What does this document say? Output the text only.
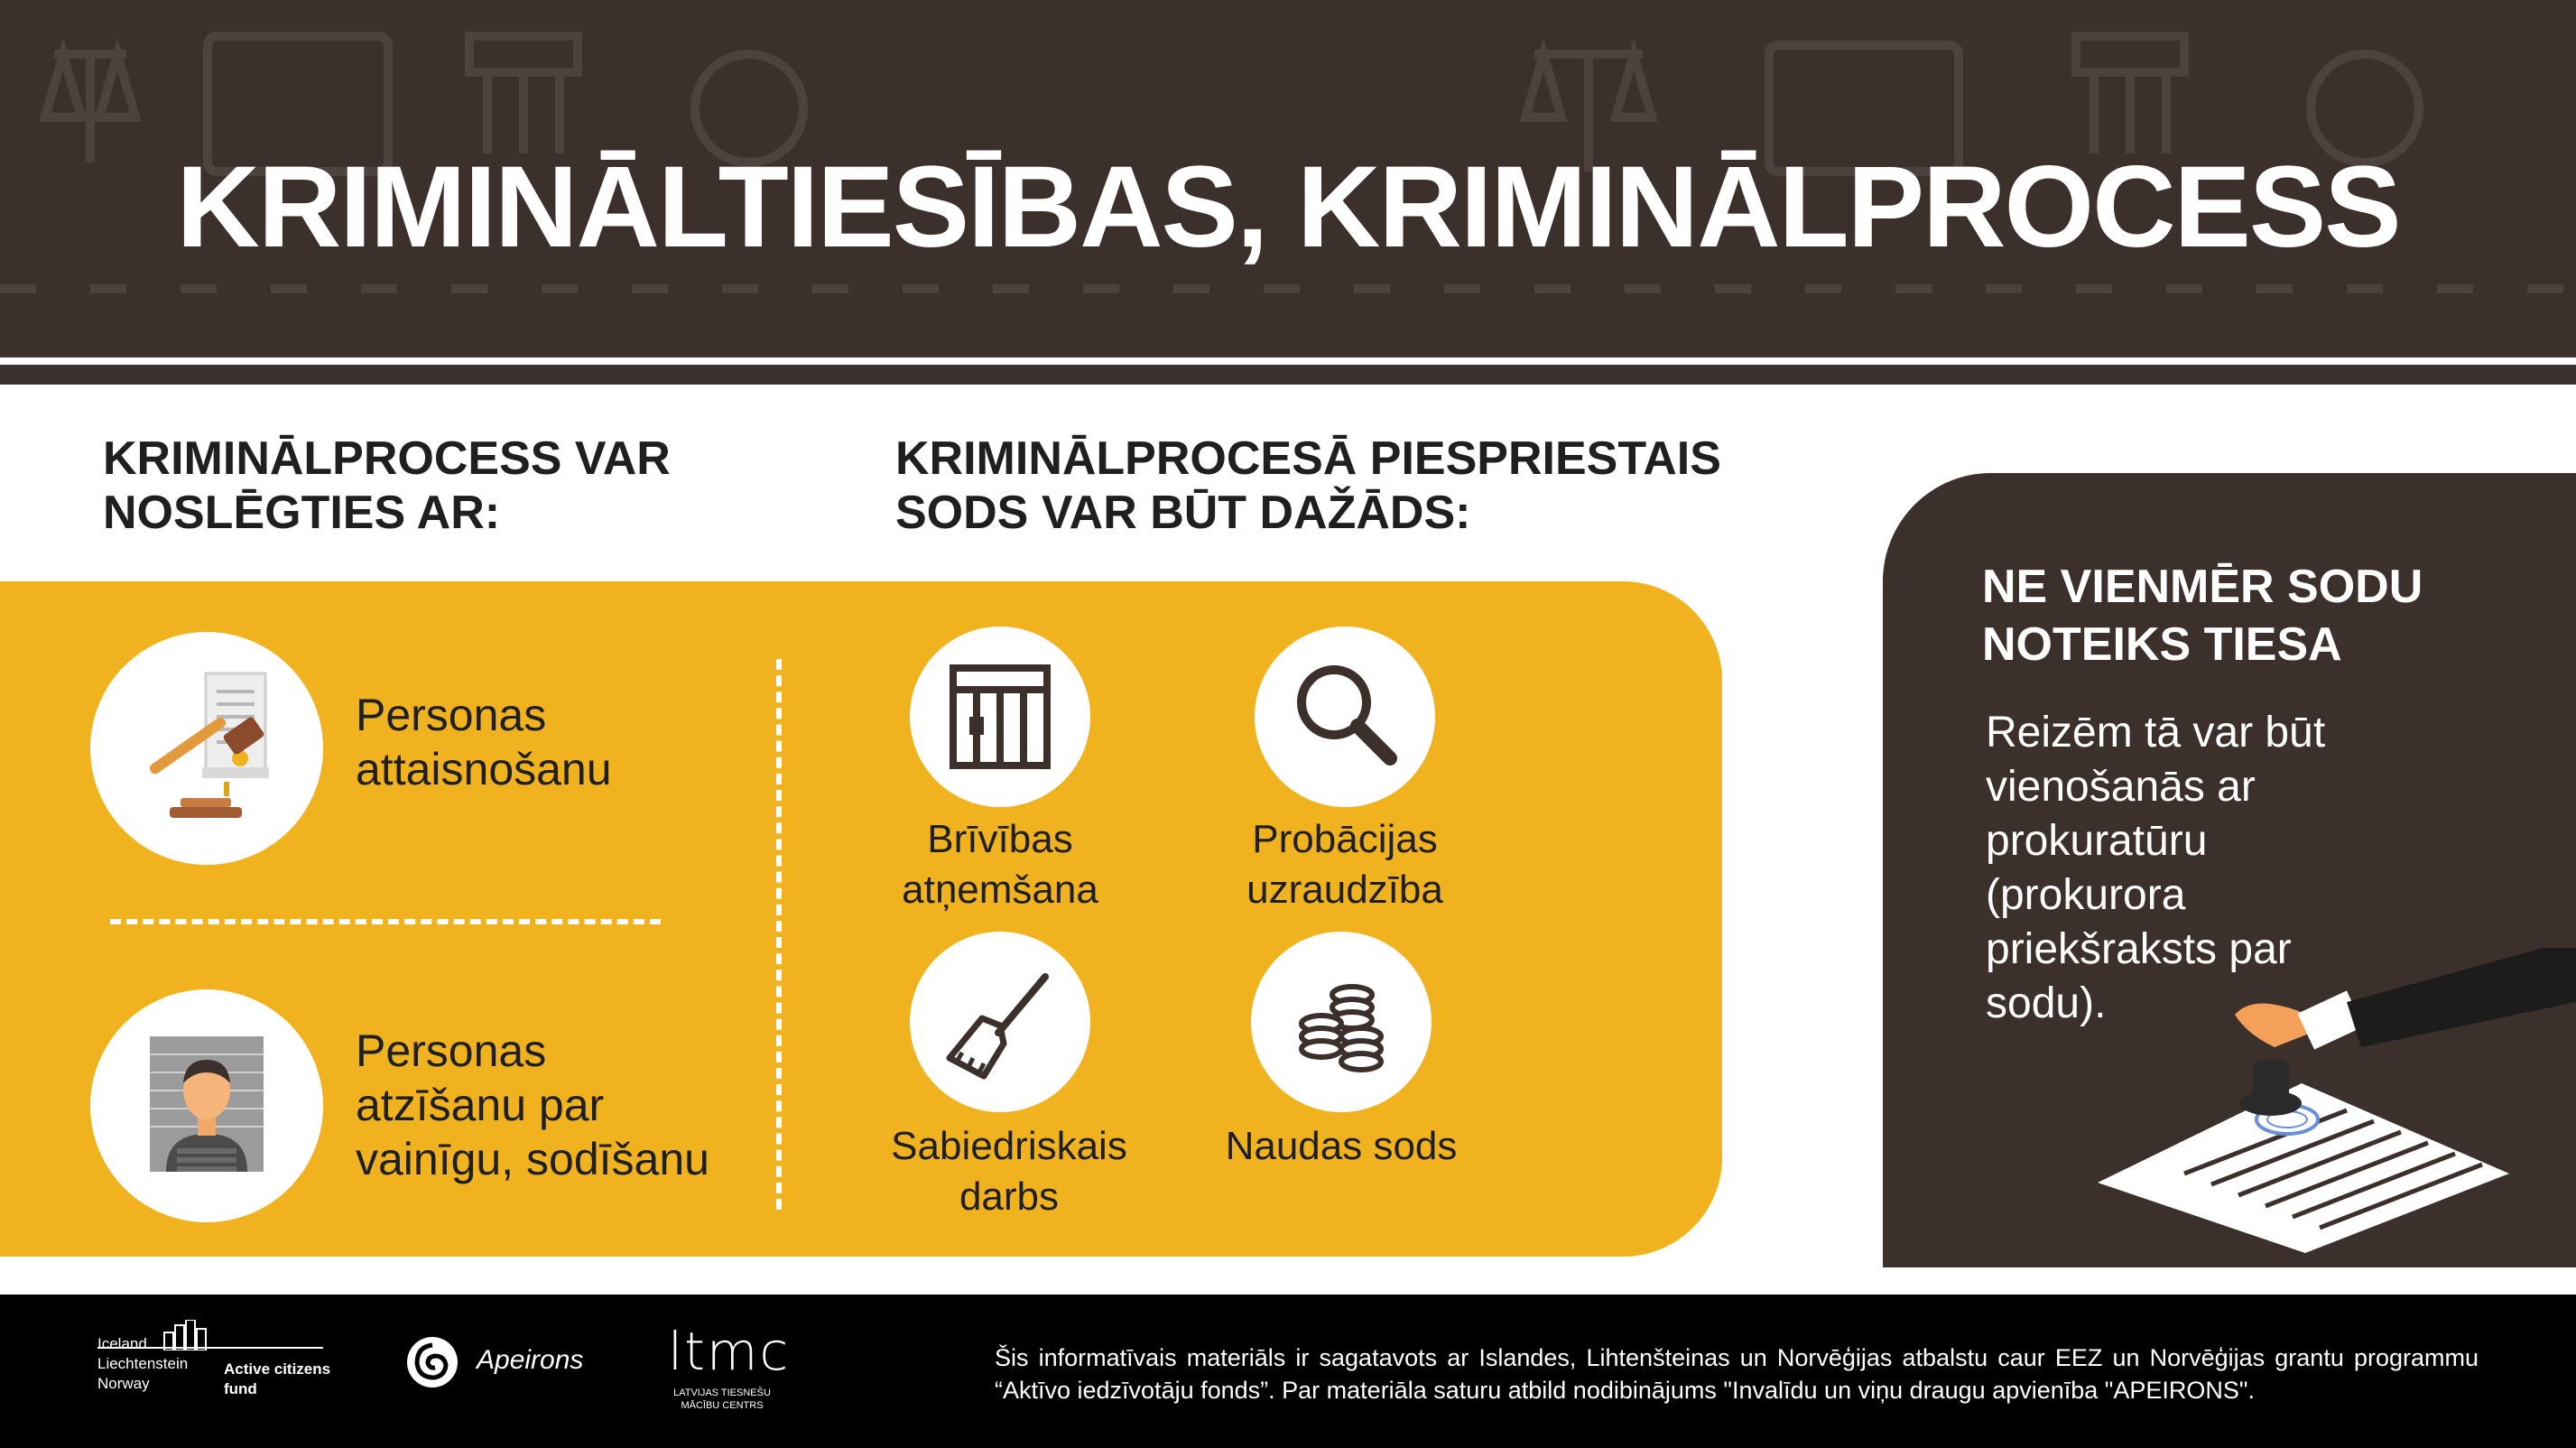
KRIMINĀLTIESĪBAS, KRIMINĀLPROCESS
KRIMINĀLPROCESS VAR NOSLĒGTIES AR:
KRIMINĀLPROCESĀ PIESPRIESTAIS SODS VAR BŪT DAŽĀDS:
Personas attaisnošanu
Personas atzīšanu par vainīgu, sodīšanu
Brīvības atņemšana
Probācijas uzraudzība
Sabiedriskais darbs
Naudas sods
NE VIENMĒR SODU NOTEIKS TIESA
Reizēm tā var būt vienošanās ar prokuratūru (prokurora priekšraksts par sodu).
Iceland Liechtenstein Norway
Active citizens fund
Apeirons ltmc
LATVIJAS TIESNEŠU MĀCĪBU CENTRS
Šis informatīvais materiāls ir sagatavots ar Islandes, Lihtenšteinas un Norvēģijas atbalstu caur EEZ un Norvēģijas grantu programmu “Aktīvo iedzīvotāju fonds”. Par materiāla saturu atbild nodibinājums "Invalīdu un viņu draugu apvienība "APEIRONS".
